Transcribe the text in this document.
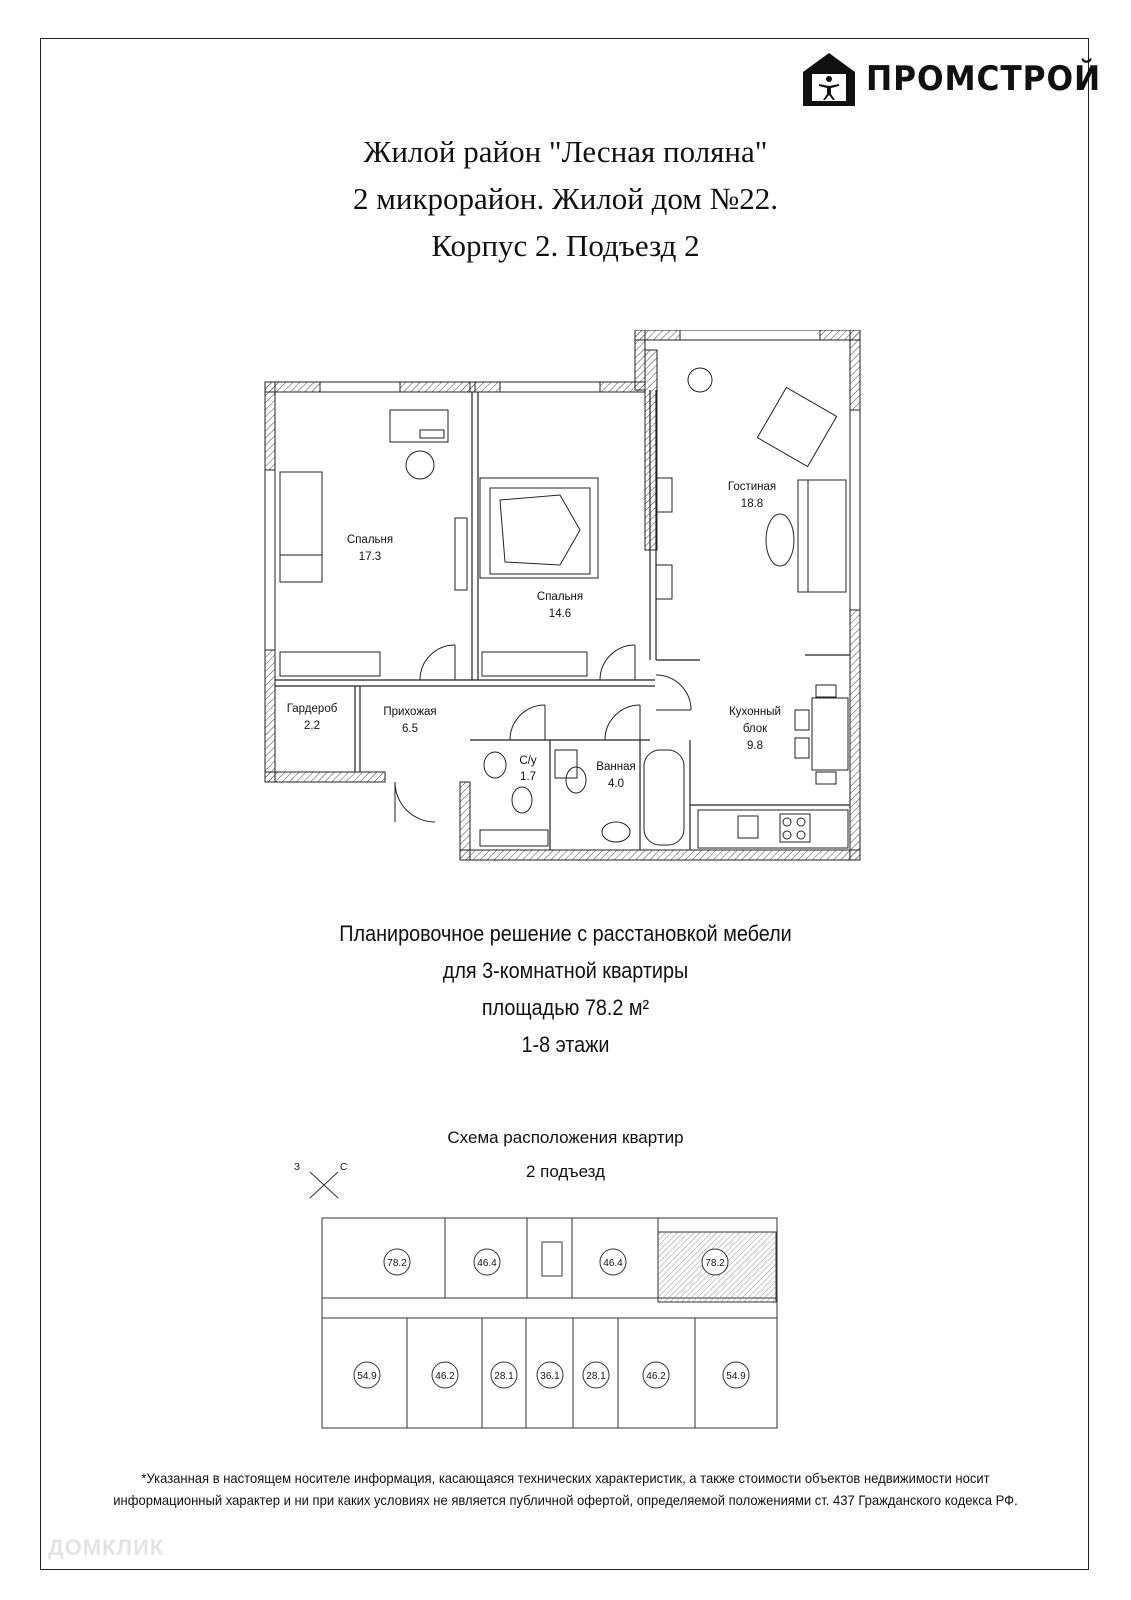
ПРОМСТРОЙ
Жилой район "Лесная поляна"
2 микрорайон. Жилой дом №22.
Корпус 2. Подъезд 2
Спальня
17.3
Спальня
14.6
Гостиная
18.8
Гардероб
2.2
Прихожая
6.5
С/у
1.7
Ванная
4.0
Кухонный
блок
9.8
Планировочное решение с расстановкой мебели
для 3-комнатной квартиры
площадью 78.2 м²
1-8 этажи
Схема расположения квартир
2 подъезд
З	С
78.2	46.4	46.4	78.2
54.9	46.2	28.1	36.1	28.1	46.2	54.9
*Указанная в настоящем носителе информация, касающаяся технических характеристик, а также стоимости объектов недвижимости носит
информационный характер и ни при каких условиях не является публичной офертой, определяемой положениями ст. 437 Гражданского кодекса РФ.
ДОМКЛИК
